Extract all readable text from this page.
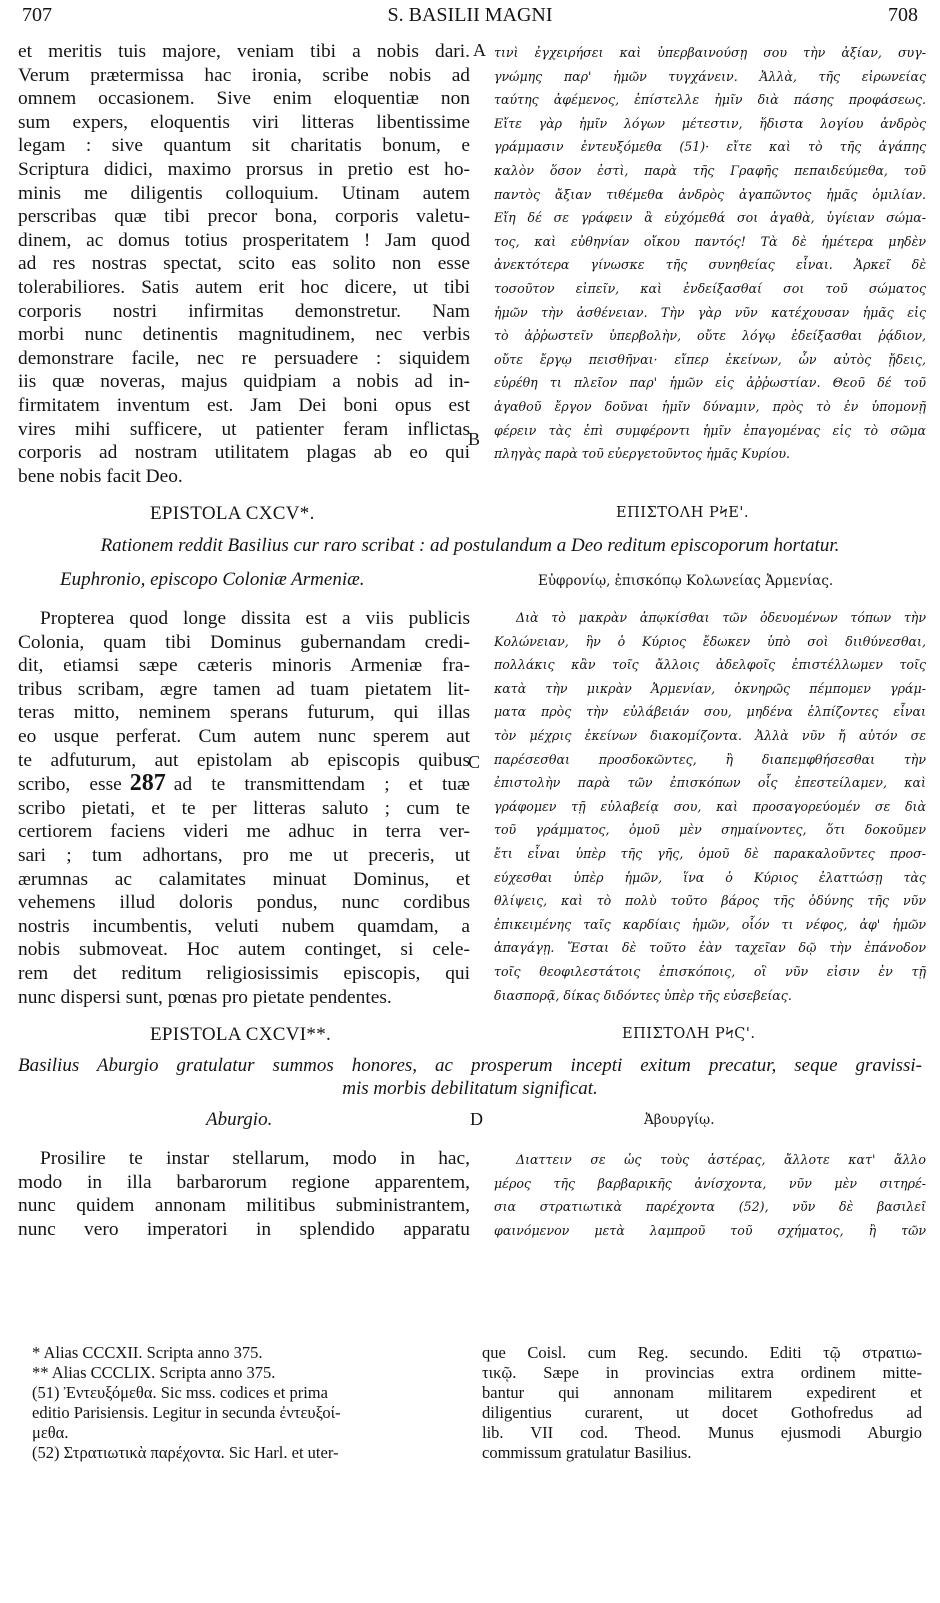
707	S. BASILII MAGNI	708
et meritis tuis majore, veniam tibi a nobis dari.
Verum prætermissa hac ironia, scribe nobis ad
omnem occasionem. Sive enim eloquentiæ non
sum expers, eloquentis viri litteras libentissime
legam : sive quantum sit charitatis bonum, e
Scriptura didici, maximo prorsus in pretio est ho-
minis me diligentis colloquium. Utinam autem
perscribas quæ tibi precor bona, corporis valetu-
dinem, ac domus totius prosperitatem ! Jam quod
ad res nostras spectat, scito eas solito non esse
tolerabiliores. Satis autem erit hoc dicere, ut tibi
corporis nostri infirmitas demonstretur. Nam
morbi nunc detinentis magnitudinem, nec verbis
demonstrare facile, nec re persuadere : siquidem
iis quæ noveras, majus quidpiam a nobis ad in-
firmitatem inventum est. Jam Dei boni opus est
vires mihi sufficere, ut patienter feram inflictas
corporis ad nostram utilitatem plagas ab eo qui
bene nobis facit Deo.
τινὶ ἐγχειρήσει καὶ ὑπερβαινούσῃ σου τὴν ἀξίαν, συγ-
γνώμης παρ' ἡμῶν τυγχάνειν. Ἀλλὰ, τῆς εἰρωνείας
ταύτης ἀφέμενος, ἐπίστελλε ἡμῖν διὰ πάσης προφάσεως.
Εἴτε γὰρ ἡμῖν λόγων μέτεστιν, ἥδιστα λογίου ἀνδρὸς
γράμμασιν ἐντευξόμεθα (51)· εἴτε καὶ τὸ τῆς ἀγάπης
καλὸν ὅσον ἐστὶ, παρὰ τῆς Γραφῆς πεπαιδεύμεθα, τοῦ
παντὸς ἄξιαν τιθέμεθα ἀνδρὸς ἀγαπῶντος ἡμᾶς ὁμιλίαν.
Εἴη δέ σε γράφειν ἃ εὐχόμεθά σοι ἀγαθὰ, ὑγίειαν σώμα-
τος, καὶ εὐθηνίαν οἴκου παντός! Τὰ δὲ ἡμέτερα μηδὲν
ἀνεκτότερα γίνωσκε τῆς συνηθείας εἶναι. Ἀρκεῖ δὲ
τοσοῦτον εἰπεῖν, καὶ ἐνδείξασθαί σοι τοῦ σώματος
ἡμῶν τὴν ἀσθένειαν. Τὴν γὰρ νῦν κατέχουσαν ἡμᾶς εἰς
τὸ ἀῤῥωστεῖν ὑπερβολὴν, οὔτε λόγῳ ἐδείξασθαι ῥᾴδιον,
οὔτε ἔργῳ πεισθῆναι· εἴπερ ἐκείνων, ὧν αὐτὸς ᾔδεις,
εὑρέθη τι πλεῖον παρ' ἡμῶν εἰς ἀῤῥωστίαν. Θεοῦ δέ τοῦ
ἀγαθοῦ ἔργον δοῦναι ἡμῖν δύναμιν, πρὸς τὸ ἐν ὑπομονῇ
φέρειν τὰς ἐπὶ συμφέροντι ἡμῖν ἐπαγομένας εἰς τὸ σῶμα
πληγὰς παρὰ τοῦ εὐεργετοῦντος ἡμᾶς Κυρίου.
A
B
EPISTOLA CXCV*.	ΕΠΙΣΤΟΛΗ ΡϞΕ'.
Rationem reddit Basilius cur raro scribat : ad postulandum a Deo reditum episcoporum hortatur.
Euphronio, episcopo Coloniæ Armeniæ.	Εὐφρονίῳ, ἐπισκόπῳ Κολωνείας Ἀρμενίας.
Propterea quod longe dissita est a viis publicis
Colonia, quam tibi Dominus gubernandam credi-
dit, etiamsi sæpe cæteris minoris Armeniæ fra-
tribus scribam, ægre tamen ad tuam pietatem lit-
teras mitto, neminem sperans futurum, qui illas
eo usque perferat. Cum autem nunc sperem aut
te adfuturum, aut epistolam ab episcopis quibus
scribo, esse 287 ad te transmittendam ; et tuæ
scribo pietati, et te per litteras saluto ; cum te
certiorem faciens videri me adhuc in terra ver-
sari ; tum adhortans, pro me ut preceris, ut
ærumnas ac calamitates minuat Dominus, et
vehemens illud doloris pondus, nunc cordibus
nostris incumbentis, veluti nubem quamdam, a
nobis submoveat. Hoc autem continget, si cele-
rem det reditum religiosissimis episcopis, qui
nunc dispersi sunt, pœnas pro pietate pendentes.
Διὰ τὸ μακρὰν ἀπῳκίσθαι τῶν ὁδευομένων τόπων τὴν
Κολώνειαν, ἣν ὁ Κύριος ἔδωκεν ὑπὸ σοὶ διιθύνεσθαι,
πολλάκις κἂν τοῖς ἄλλοις ἀδελφοῖς ἐπιστέλλωμεν τοῖς
κατὰ τὴν μικρὰν Ἀρμενίαν, ὀκνηρῶς πέμπομεν γράμ-
ματα πρὸς τὴν εὐλάβειάν σου, μηδένα ἐλπίζοντες εἶναι
τὸν μέχρις ἐκείνων διακομίζοντα. Ἀλλὰ νῦν ἤ αὐτόν σε
παρέσεσθαι προσδοκῶντες, ἢ διαπεμφθήσεσθαι τὴν
ἐπιστολὴν παρὰ τῶν ἐπισκόπων οἷς ἐπεστείλαμεν, καὶ
γράφομεν τῇ εὐλαβείᾳ σου, καὶ προσαγορεύομέν σε διὰ
τοῦ γράμματος, ὁμοῦ μὲν σημαίνοντες, ὅτι δοκοῦμεν
ἔτι εἶναι ὑπὲρ τῆς γῆς, ὁμοῦ δὲ παρακαλοῦντες προσ-
εύχεσθαι ὑπὲρ ἡμῶν, ἵνα ὁ Κύριος ἐλαττώσῃ τὰς
θλίψεις, καὶ τὸ πολὺ τοῦτο βάρος τῆς ὀδύνης τῆς νῦν
ἐπικειμένης ταῖς καρδίαις ἡμῶν, οἷόν τι νέφος, ἀφ' ἡμῶν
ἀπαγάγῃ. Ἔσται δὲ τοῦτο ἐὰν ταχεῖαν δῷ τὴν ἐπάνοδον
τοῖς θεοφιλεστάτοις ἐπισκόποις, οἳ νῦν εἰσιν ἐν τῇ
διασπορᾷ, δίκας διδόντες ὑπὲρ τῆς εὐσεβείας.
C
EPISTOLA CXCVI**.	ΕΠΙΣΤΟΛΗ ΡϞϚ'.
Basilius Aburgio gratulatur summos honores, ac prosperum incepti exitum precatur, seque gravissi-
mis morbis debilitatum significat.
Aburgio.	D	Ἀβουργίῳ.
Prosilire te instar stellarum, modo in hac,
modo in illa barbarorum regione apparentem,
nunc quidem annonam militibus subministrantem,
nunc vero imperatori in splendido apparatu
Διαττειν σε ὡς τοὺς ἀστέρας, ἄλλοτε κατ' ἄλλο
μέρος τῆς βαρβαρικῆς ἀνίσχοντα, νῦν μὲν σιτηρέ-
σια στρατιωτικὰ παρέχοντα (52), νῦν δὲ βασιλεῖ
φαινόμενον μετὰ λαμπροῦ τοῦ σχήματος, ἢ τῶν
* Alias CCCXII. Scripta anno 375.
** Alias CCCLIX. Scripta anno 375.
(51) Ἐντευξόμεθα. Sic mss. codices et prima
editio Parisiensis. Legitur in secunda ἐντευξοί-
μεθα.
(52) Στρατιωτικὰ παρέχοντα. Sic Harl. et uter-
que Coisl. cum Reg. secundo. Editi τῷ στρατιω-
τικῷ. Sæpe in provincias extra ordinem mitte-
bantur qui annonam militarem expedirent et
diligentius curarent, ut docet Gothofredus ad
lib. VII cod. Theod. Munus ejusmodi Aburgio
commissum gratulatur Basilius.
